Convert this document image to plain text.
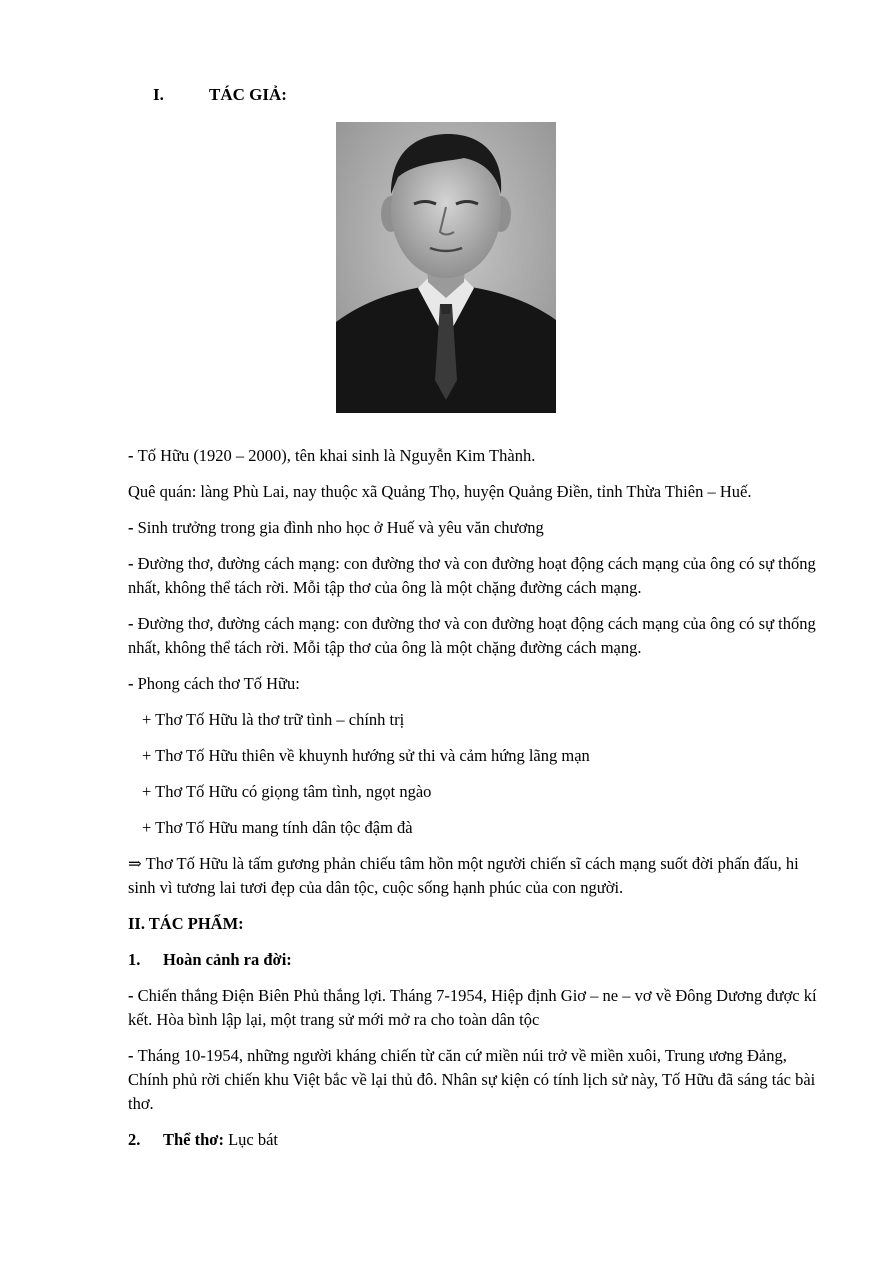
I.	TÁC GIẢ:

- Tố Hữu (1920 – 2000), tên khai sinh là Nguyễn Kim Thành.

Quê quán: làng Phù Lai, nay thuộc xã Quảng Thọ, huyện Quảng Điền, tỉnh Thừa Thiên – Huế.

- Sinh trưởng trong gia đình nho học ở Huế và yêu văn chương

- Đường thơ, đường cách mạng: con đường thơ và con đường hoạt động cách mạng của ông có sự thống nhất, không thể tách rời. Mỗi tập thơ của ông là một chặng đường cách mạng.

- Đường thơ, đường cách mạng: con đường thơ và con đường hoạt động cách mạng của ông có sự thống nhất, không thể tách rời. Mỗi tập thơ của ông là một chặng đường cách mạng.

- Phong cách thơ Tố Hữu:

+ Thơ Tố Hữu là thơ trữ tình – chính trị

+ Thơ Tố Hữu thiên về khuynh hướng sử thi và cảm hứng lãng mạn

+ Thơ Tố Hữu có giọng tâm tình, ngọt ngào

+ Thơ Tố Hữu mang tính dân tộc đậm đà

⇒ Thơ Tố Hữu là tấm gương phản chiếu tâm hồn một người chiến sĩ cách mạng suốt đời phấn đấu, hi sinh vì tương lai tươi đẹp của dân tộc, cuộc sống hạnh phúc của con người.

II. TÁC PHẨM:

1. Hoàn cảnh ra đời:

- Chiến thắng Điện Biên Phủ thắng lợi. Tháng 7-1954, Hiệp định Giơ – ne – vơ về Đông Dương được kí kết. Hòa bình lập lại, một trang sử mới mở ra cho toàn dân tộc

- Tháng 10-1954, những người kháng chiến từ căn cứ miền núi trở về miền xuôi, Trung ương Đảng, Chính phủ rời chiến khu Việt bắc về lại thủ đô. Nhân sự kiện có tính lịch sử này, Tố Hữu đã sáng tác bài thơ.

2. Thể thơ: Lục bát
